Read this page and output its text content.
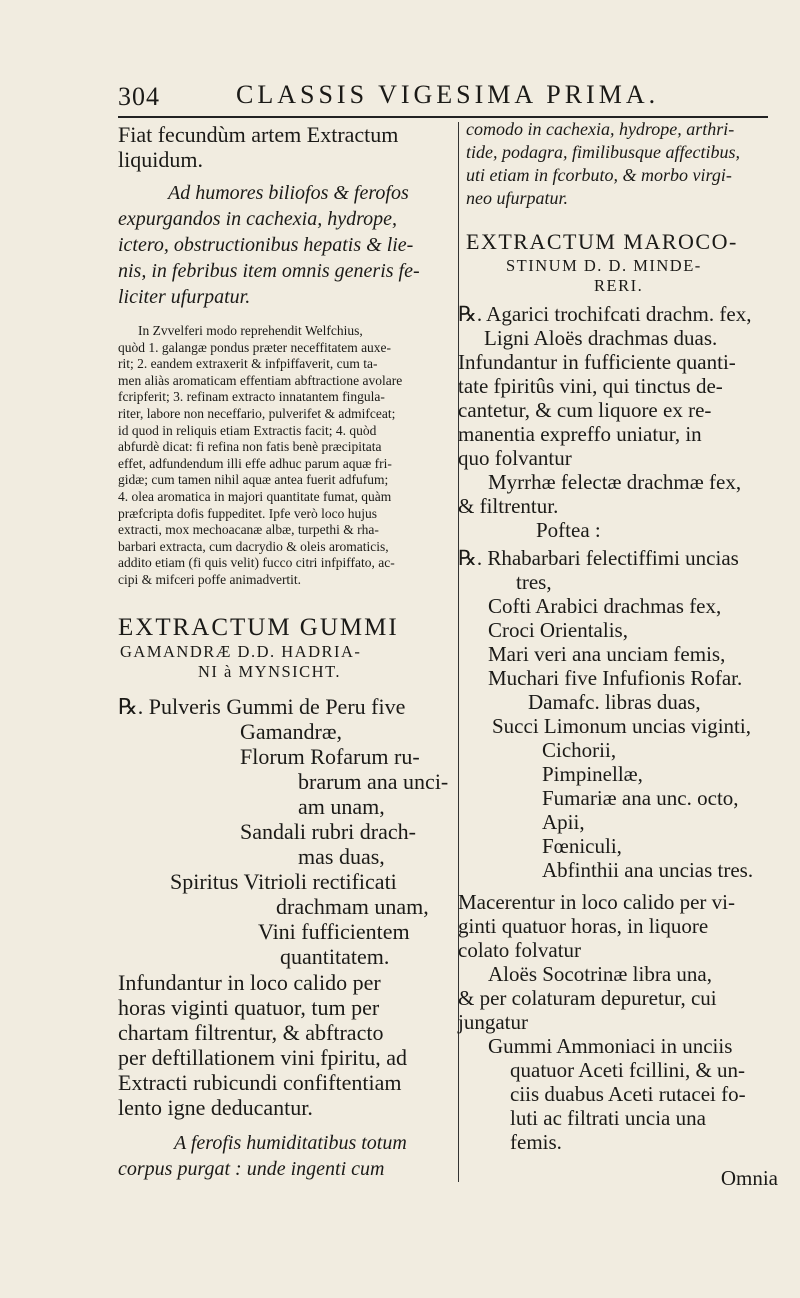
304	CLASSIS VIGESIMA PRIMA.
Fiat fecundùm artem Extractum
liquidum.
Ad humores biliofos & ferofos
expurgandos in cachexia, hydrope,
ictero, obstructionibus hepatis & lie-
nis, in febribus item omnis generis fe-
liciter ufurpatur.
In Zvvelferi modo reprehendit Welfchius,
quòd 1. galangæ pondus præter neceffitatem auxe-
rit; 2. eandem extraxerit & infpiffaverit, cum ta-
men aliàs aromaticam effentiam abftractione avolare
fcripferit; 3. refinam extracto innatantem fingula-
riter, labore non neceffario, pulverifet & admifceat;
id quod in reliquis etiam Extractis facit; 4. quòd
abfurdè dicat: fi refina non fatis benè præcipitata
effet, adfundendum illi effe adhuc parum aquæ fri-
gidæ; cum tamen nihil aquæ antea fuerit adfufum;
4. olea aromatica in majori quantitate fumat, quàm
præfcripta dofis fuppeditet. Ipfe verò loco hujus
extracti, mox mechoacanæ albæ, turpethi & rha-
barbari extracta, cum dacrydio & oleis aromaticis,
addito etiam (fi quis velit) fucco citri infpiffato, ac-
cipi & mifceri poffe animadvertit.
EXTRACTUM GUMMI
GAMANDRÆ D.D. HADRIA-
NI à MYNSICHT.
℞. Pulveris Gummi de Peru five
Gamandræ,
Florum Rofarum ru-
brarum ana unci-
am unam,
Sandali rubri drach-
mas duas,
Spiritus Vitrioli rectificati
drachmam unam,
Vini fufficientem
quantitatem.
Infundantur in loco calido per
horas viginti quatuor, tum per
chartam filtrentur, & abftracto
per deftillationem vini fpiritu, ad
Extracti rubicundi confiftentiam
lento igne deducantur.
A ferofis humiditatibus totum
corpus purgat : unde ingenti cum
comodo in cachexia, hydrope, arthri-
tide, podagra, fimilibusque affectibus,
uti etiam in fcorbuto, & morbo virgi-
neo ufurpatur.
EXTRACTUM MAROCO-
STINUM D. D. MINDE-
RERI.
℞. Agarici trochifcati drachm. fex,
Ligni Aloës drachmas duas.
Infundantur in fufficiente quanti-
tate fpiritûs vini, qui tinctus de-
cantetur, & cum liquore ex re-
manentia expreffo uniatur, in
quo folvantur
Myrrhæ felectæ drachmæ fex,
& filtrentur.
Poftea :
℞. Rhabarbari felectiffimi uncias
tres,
Cofti Arabici drachmas fex,
Croci Orientalis,
Mari veri ana unciam femis,
Muchari five Infufionis Rofar.
Damafc. libras duas,
Succi Limonum uncias viginti,
Cichorii,
Pimpinellæ,
Fumariæ ana unc. octo,
Apii,
Fœniculi,
Abfinthii ana uncias tres.
Macerentur in loco calido per vi-
ginti quatuor horas, in liquore
colato folvatur
Aloës Socotrinæ libra una,
& per colaturam depuretur, cui
jungatur
Gummi Ammoniaci in unciis
quatuor Aceti fcillini, & un-
ciis duabus Aceti rutacei fo-
luti ac filtrati uncia una
femis.
Omnia
